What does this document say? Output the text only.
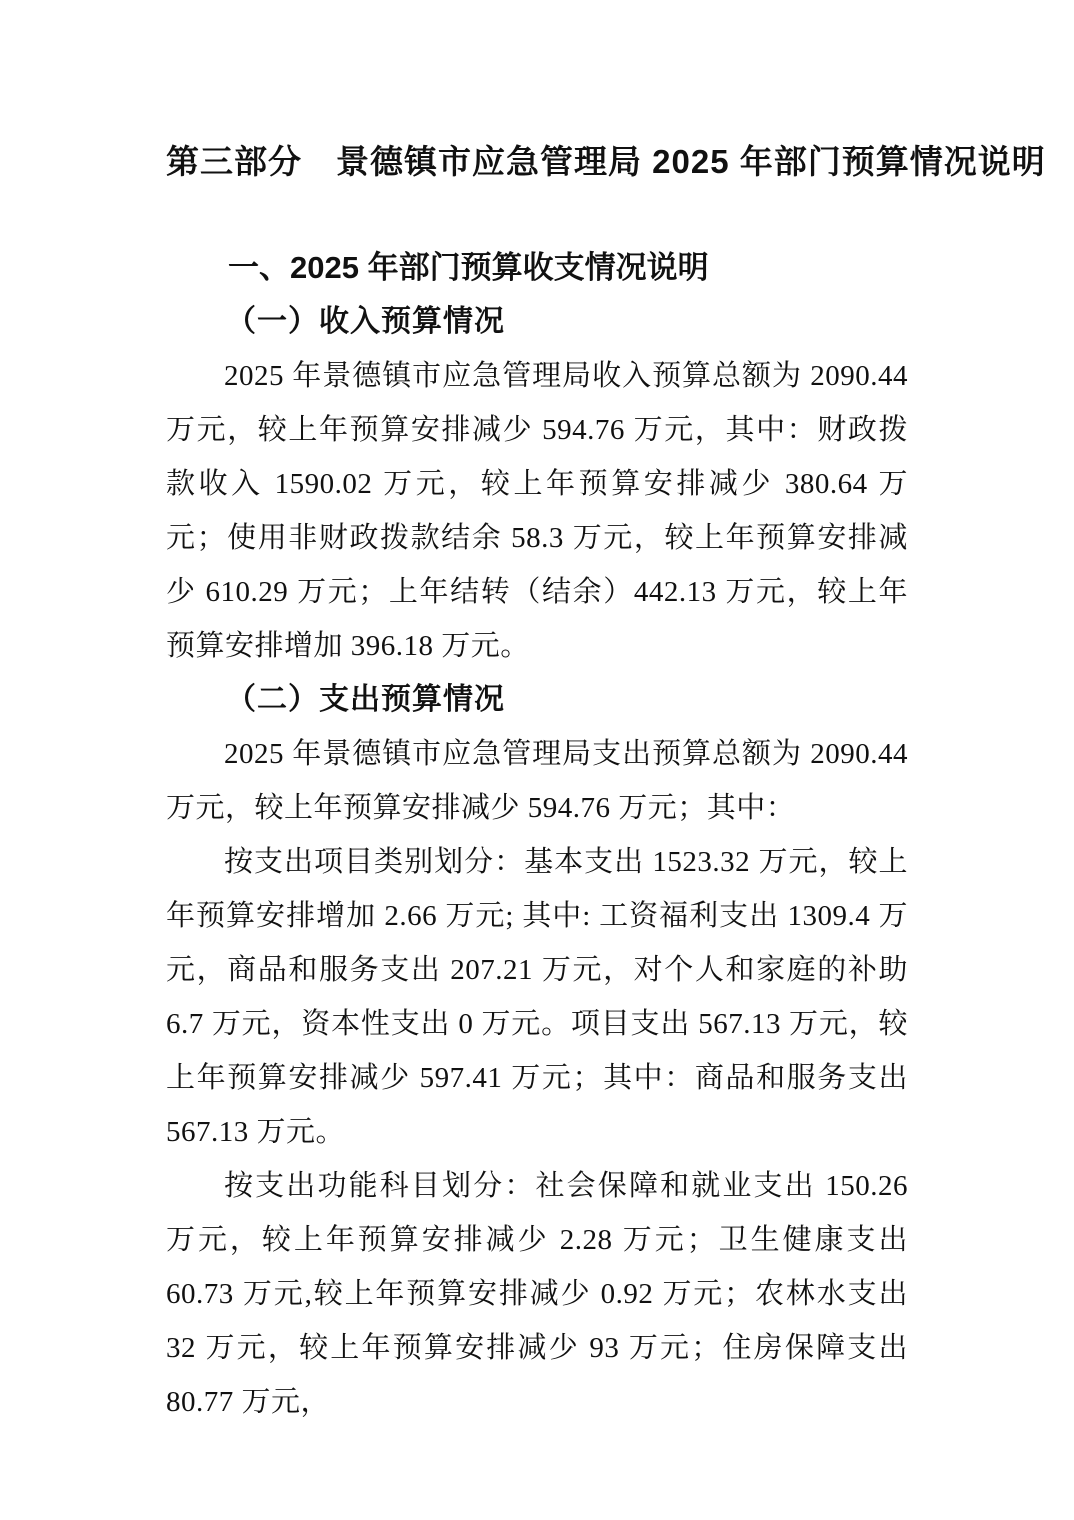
第三部分　景德镇市应急管理局 2025 年部门预算情况说明
一、2025 年部门预算收支情况说明
（一）收入预算情况

2025 年景德镇市应急管理局收入预算总额为 2090.44 万元，较上年预算安排减少 594.76 万元，其中：财政拨款收入 1590.02 万元，较上年预算安排减少 380.64 万元；使用非财政拨款结余 58.3 万元，较上年预算安排减少 610.29 万元；上年结转（结余）442.13 万元，较上年预算安排增加 396.18 万元。

（二）支出预算情况

2025 年景德镇市应急管理局支出预算总额为 2090.44 万元，较上年预算安排减少 594.76 万元；其中：

按支出项目类别划分：基本支出 1523.32 万元，较上年预算安排增加 2.66 万元; 其中: 工资福利支出 1309.4 万元，商品和服务支出 207.21 万元，对个人和家庭的补助 6.7 万元，资本性支出 0 万元。项目支出 567.13 万元，较上年预算安排减少 597.41 万元；其中：商品和服务支出 567.13 万元。

按支出功能科目划分：社会保障和就业支出 150.26 万元，较上年预算安排减少 2.28 万元；卫生健康支出 60.73 万元,较上年预算安排减少 0.92 万元；农林水支出 32 万元，较上年预算安排减少 93 万元；住房保障支出 80.77 万元，
